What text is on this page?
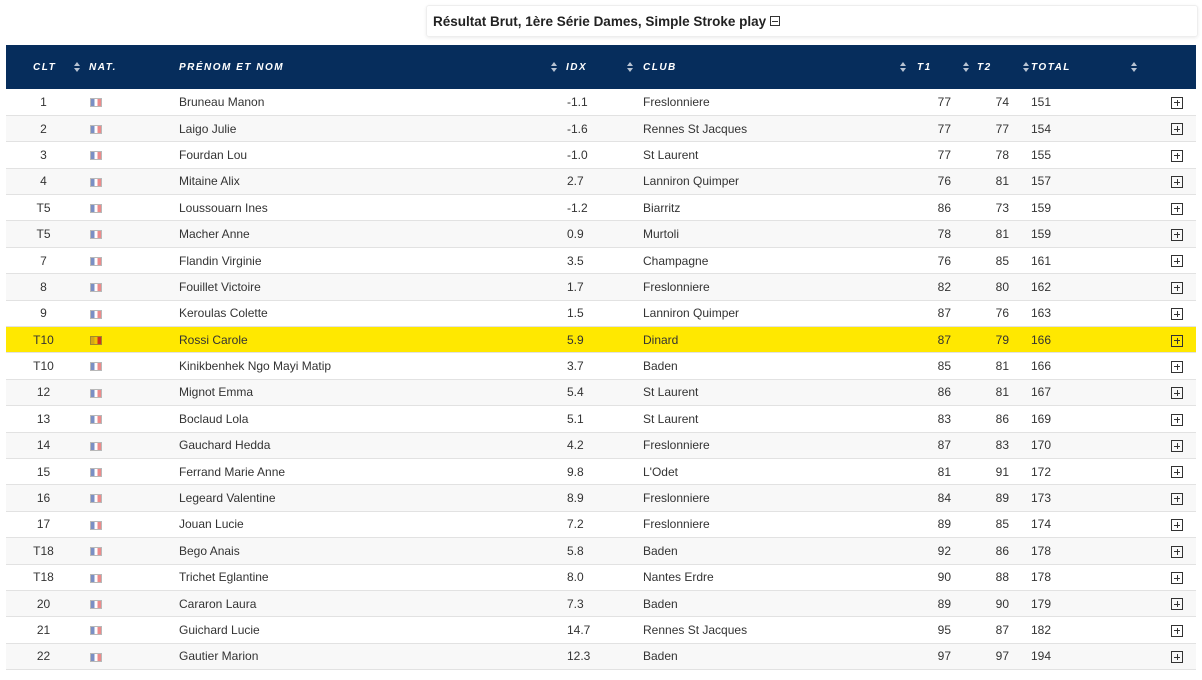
Résultat Brut, 1ère Série Dames, Simple Stroke play
CLT	NAT.	PRÉNOM ET NOM	IDX	CLUB	T1	T2	TOTAL	

1		Bruneau Manon	-1.1	Freslonniere	77	74	151	
2		Laigo Julie	-1.6	Rennes St Jacques	77	77	154	
3		Fourdan Lou	-1.0	St Laurent	77	78	155	
4		Mitaine Alix	2.7	Lanniron Quimper	76	81	157	
T5		Loussouarn Ines	-1.2	Biarritz	86	73	159	
T5		Macher Anne	0.9	Murtoli	78	81	159	
7		Flandin Virginie	3.5	Champagne	76	85	161	
8		Fouillet Victoire	1.7	Freslonniere	82	80	162	
9		Keroulas Colette	1.5	Lanniron Quimper	87	76	163	
T10		Rossi Carole	5.9	Dinard	87	79	166	
T10		Kinikbenhek Ngo Mayi Matip	3.7	Baden	85	81	166	
12		Mignot Emma	5.4	St Laurent	86	81	167	
13		Boclaud Lola	5.1	St Laurent	83	86	169	
14		Gauchard Hedda	4.2	Freslonniere	87	83	170	
15		Ferrand Marie Anne	9.8	L'Odet	81	91	172	
16		Legeard Valentine	8.9	Freslonniere	84	89	173	
17		Jouan Lucie	7.2	Freslonniere	89	85	174	
T18		Bego Anais	5.8	Baden	92	86	178	
T18		Trichet Eglantine	8.0	Nantes Erdre	90	88	178	
20		Cararon Laura	7.3	Baden	89	90	179	
21		Guichard Lucie	14.7	Rennes St Jacques	95	87	182	
22		Gautier Marion	12.3	Baden	97	97	194	
